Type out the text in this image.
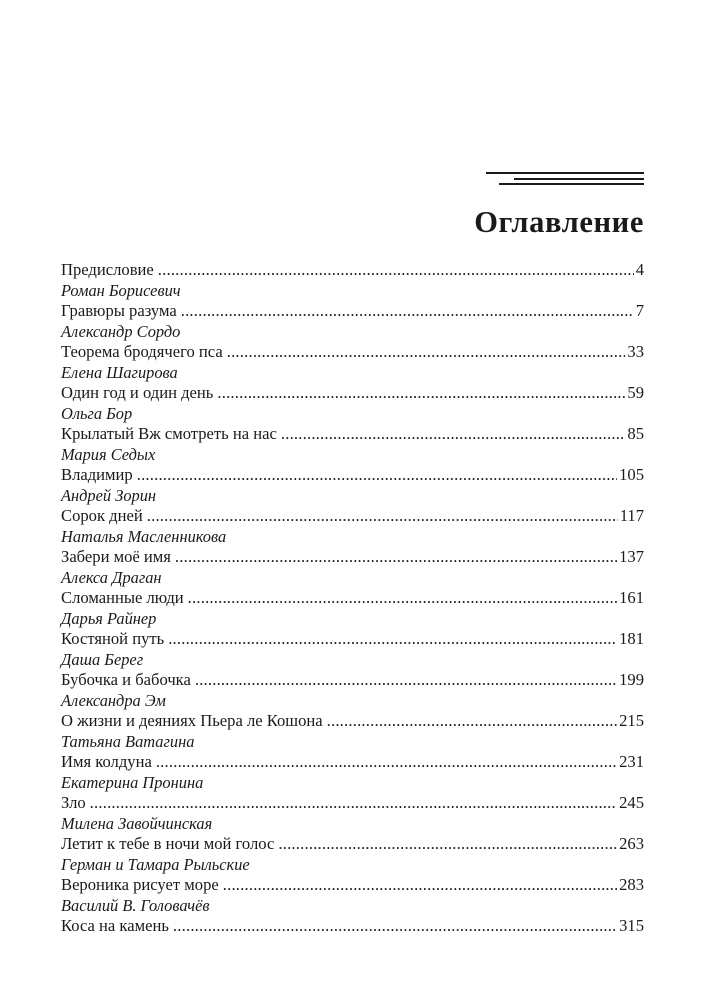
Оглавление
Предисловие .....	4
Роман Борисевич
Гравюры разума .....	7
Александр Сордо
Теорема бродячего пса .....	33
Елена Шагирова
Один год и один день .....	59
Ольга Бор
Крылатый Вж смотреть на нас .....	85
Мария Седых
Владимир .....	105
Андрей Зорин
Сорок дней .....	117
Наталья Масленникова
Забери моё имя .....	137
Алекса Драган
Сломанные люди .....	161
Дарья Райнер
Костяной путь .....	181
Даша Берег
Бубочка и бабочка .....	199
Александра Эм
О жизни и деяниях Пьера ле Кошона .....	215
Татьяна Ватагина
Имя колдуна .....	231
Екатерина Пронина
Зло .....	245
Милена Завойчинская
Летит к тебе в ночи мой голос .....	263
Герман и Тамара Рыльские
Вероника рисует море .....	283
Василий В. Головачёв
Коса на камень .....	315
